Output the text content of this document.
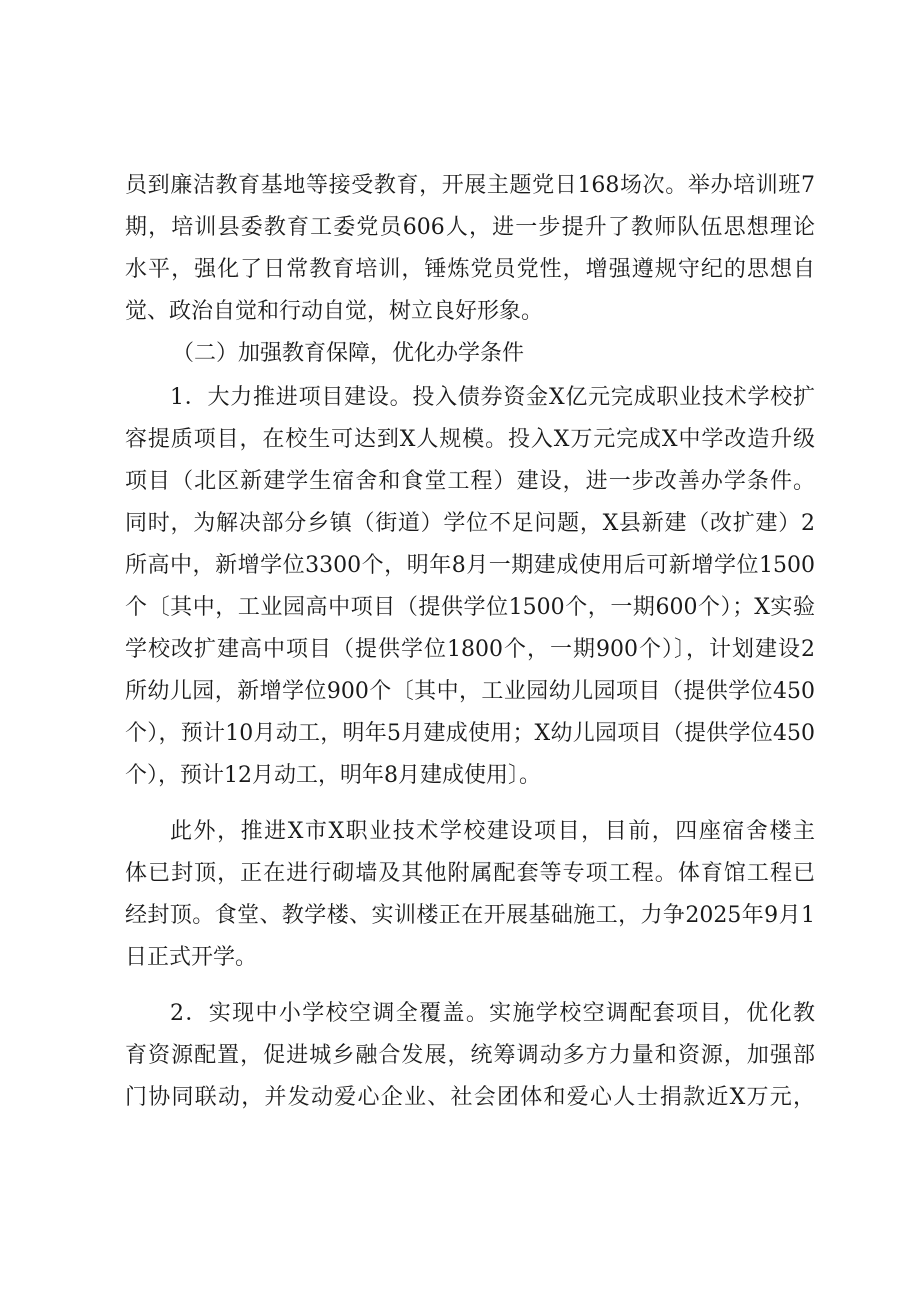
员到廉洁教育基地等接受教育，开展主题党日168场次。举办培训班7
期，培训县委教育工委党员606人，进一步提升了教师队伍思想理论
水平，强化了日常教育培训，锤炼党员党性，增强遵规守纪的思想自
觉、政治自觉和行动自觉，树立良好形象。
（二）加强教育保障，优化办学条件
1．大力推进项目建设。投入债券资金X亿元完成职业技术学校扩
容提质项目，在校生可达到X人规模。投入X万元完成X中学改造升级
项目（北区新建学生宿舍和食堂工程）建设，进一步改善办学条件。
同时，为解决部分乡镇（街道）学位不足问题，X县新建（改扩建）2
所高中，新增学位3300个，明年8月一期建成使用后可新增学位1500
个〔其中，工业园高中项目（提供学位1500个，一期600个）；X实验
学校改扩建高中项目（提供学位1800个，一期900个）〕，计划建设2
所幼儿园，新增学位900个〔其中，工业园幼儿园项目（提供学位450
个），预计10月动工，明年5月建成使用；X幼儿园项目（提供学位450
个），预计12月动工，明年8月建成使用〕。
此外，推进X市X职业技术学校建设项目，目前，四座宿舍楼主
体已封顶，正在进行砌墙及其他附属配套等专项工程。体育馆工程已
经封顶。食堂、教学楼、实训楼正在开展基础施工，力争2025年9月1
日正式开学。
2．实现中小学校空调全覆盖。实施学校空调配套项目，优化教
育资源配置，促进城乡融合发展，统筹调动多方力量和资源，加强部
门协同联动，并发动爱心企业、社会团体和爱心人士捐款近X万元，
